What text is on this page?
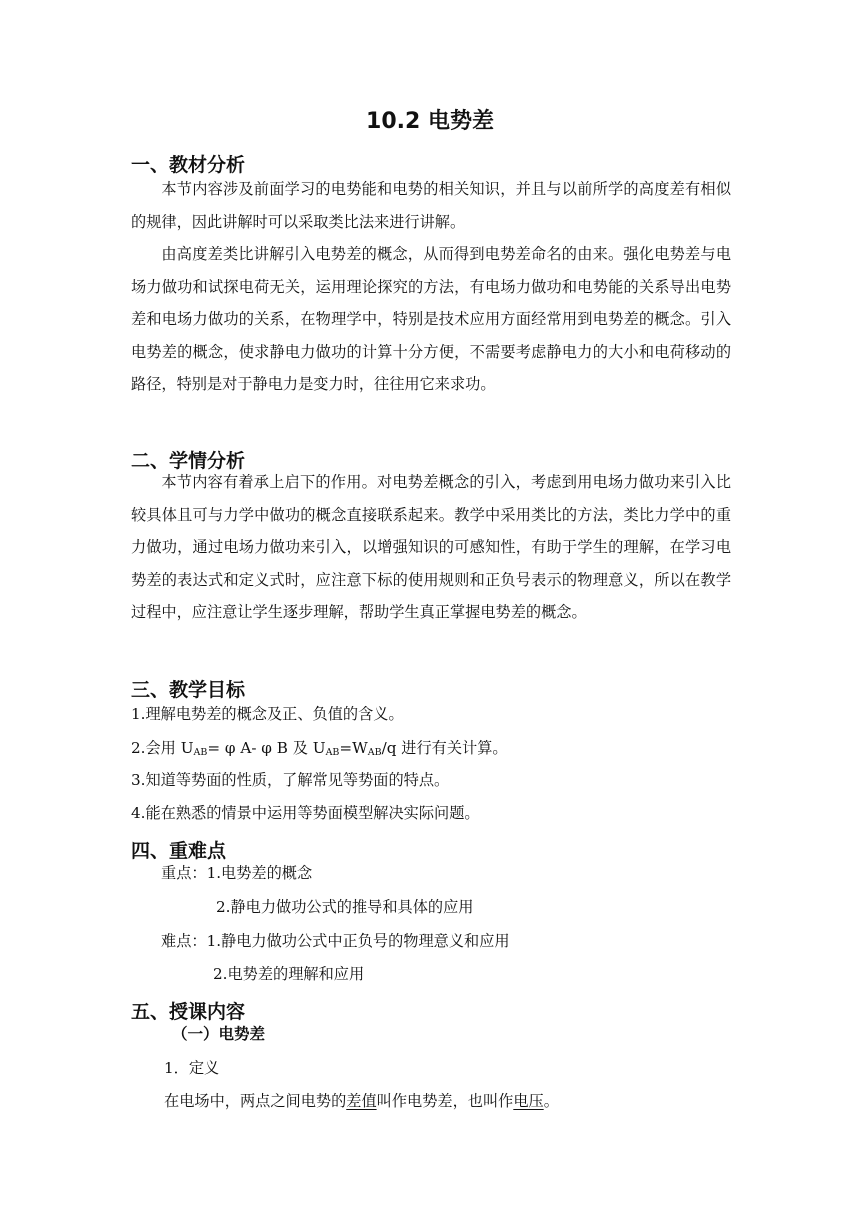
10.2 电势差
一、教材分析

本节内容涉及前面学习的电势能和电势的相关知识，并且与以前所学的高度差有相似的规律，因此讲解时可以采取类比法来进行讲解。

由高度差类比讲解引入电势差的概念，从而得到电势差命名的由来。强化电势差与电场力做功和试探电荷无关，运用理论探究的方法，有电场力做功和电势能的关系导出电势差和电场力做功的关系，在物理学中，特别是技术应用方面经常用到电势差的概念。引入电势差的概念，使求静电力做功的计算十分方便，不需要考虑静电力的大小和电荷移动的路径，特别是对于静电力是变力时，往往用它来求功。

二、学情分析

本节内容有着承上启下的作用。对电势差概念的引入，考虑到用电场力做功来引入比较具体且可与力学中做功的概念直接联系起来。教学中采用类比的方法，类比力学中的重力做功，通过电场力做功来引入，以增强知识的可感知性，有助于学生的理解，在学习电势差的表达式和定义式时，应注意下标的使用规则和正负号表示的物理意义，所以在教学过程中，应注意让学生逐步理解，帮助学生真正掌握电势差的概念。

三、教学目标
1.理解电势差的概念及正、负值的含义。
2.会用 $U_{AB}= \varphi$ A- φ B 及 $U_{AB}=W_{AB}/q$ 进行有关计算。
3.知道等势面的性质，了解常见等势面的特点。
4.能在熟悉的情景中运用等势面模型解决实际问题。
四、重难点
重点：1.电势差的概念
2.静电力做功公式的推导和具体的应用
难点：1.静电力做功公式中正负号的物理意义和应用
2.电势差的理解和应用
五、授课内容
（一）电势差
1．定义
在电场中，两点之间电势的差值叫作电势差，也叫作电压。
